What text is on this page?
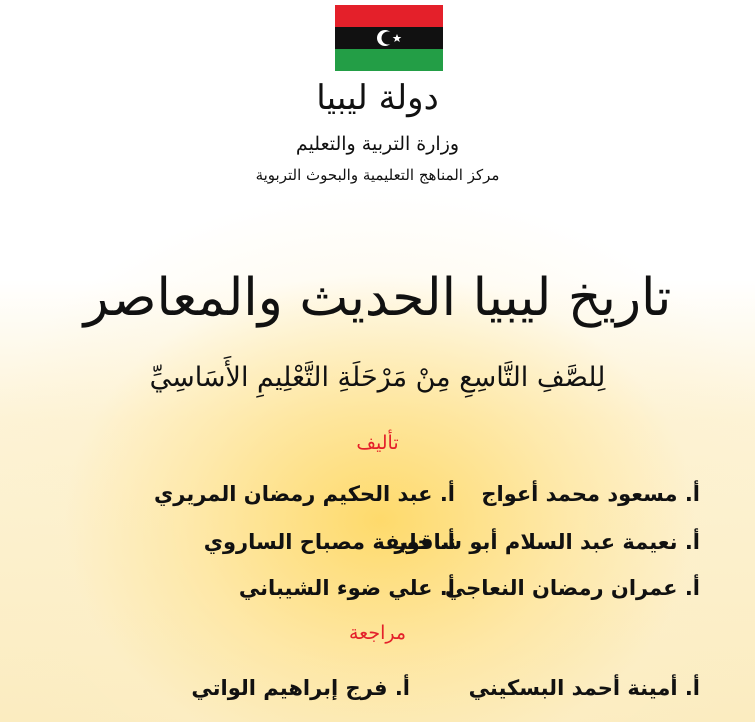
دولة ليبيا
وزارة التربية والتعليم
مركز المناهج التعليمية والبحوث التربوية
تاريخ ليبيا الحديث والمعاصر
لِلصَّفِ التَّاسِعِ مِنْ مَرْحَلَةِ التَّعْلِيمِ الأَسَاسِيِّ
تأليف
أ. مسعود محمد أعواج
أ. عبد الحكيم رمضان المريري
أ. نعيمة عبد السلام أبو شاقور
أ. خليفة مصباح الساروي
أ. عمران رمضان النعاجي
أ. علي ضوء الشيباني
مراجعة
أ. أمينة أحمد البسكيني
أ. فرج إبراهيم الواتي
